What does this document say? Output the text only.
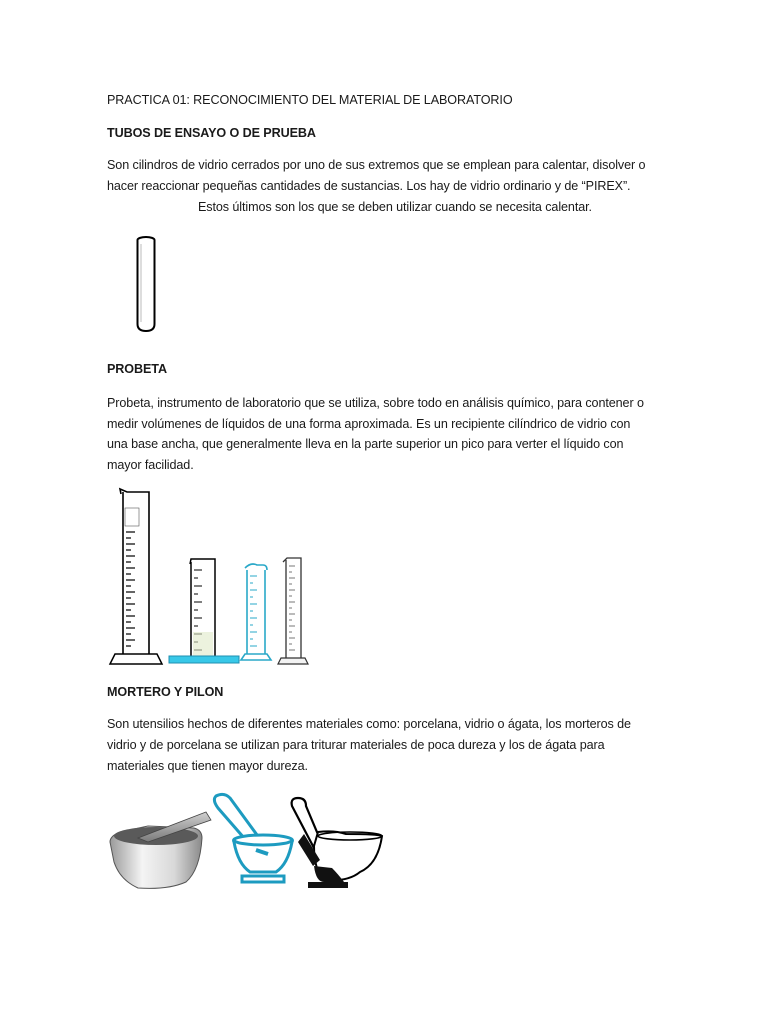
PRACTICA 01: RECONOCIMIENTO DEL MATERIAL DE LABORATORIO
TUBOS DE ENSAYO O DE PRUEBA
Son cilindros de vidrio cerrados por uno de sus extremos que se emplean para calentar, disolver o
hacer reaccionar pequeñas cantidades de sustancias. Los hay de vidrio ordinario y de “PIREX”.
Estos últimos son los que se deben utilizar cuando se necesita calentar.
PROBETA
Probeta, instrumento de laboratorio que se utiliza, sobre todo en análisis químico, para contener o
medir volúmenes de líquidos de una forma aproximada. Es un recipiente cilíndrico de vidrio con
una base ancha, que generalmente lleva en la parte superior un pico para verter el líquido con
mayor facilidad.
MORTERO Y PILON
Son utensilios hechos de diferentes materiales como: porcelana, vidrio o ágata, los morteros de
vidrio y de porcelana se utilizan para triturar materiales de poca dureza y los de ágata para
materiales que tienen mayor dureza.
